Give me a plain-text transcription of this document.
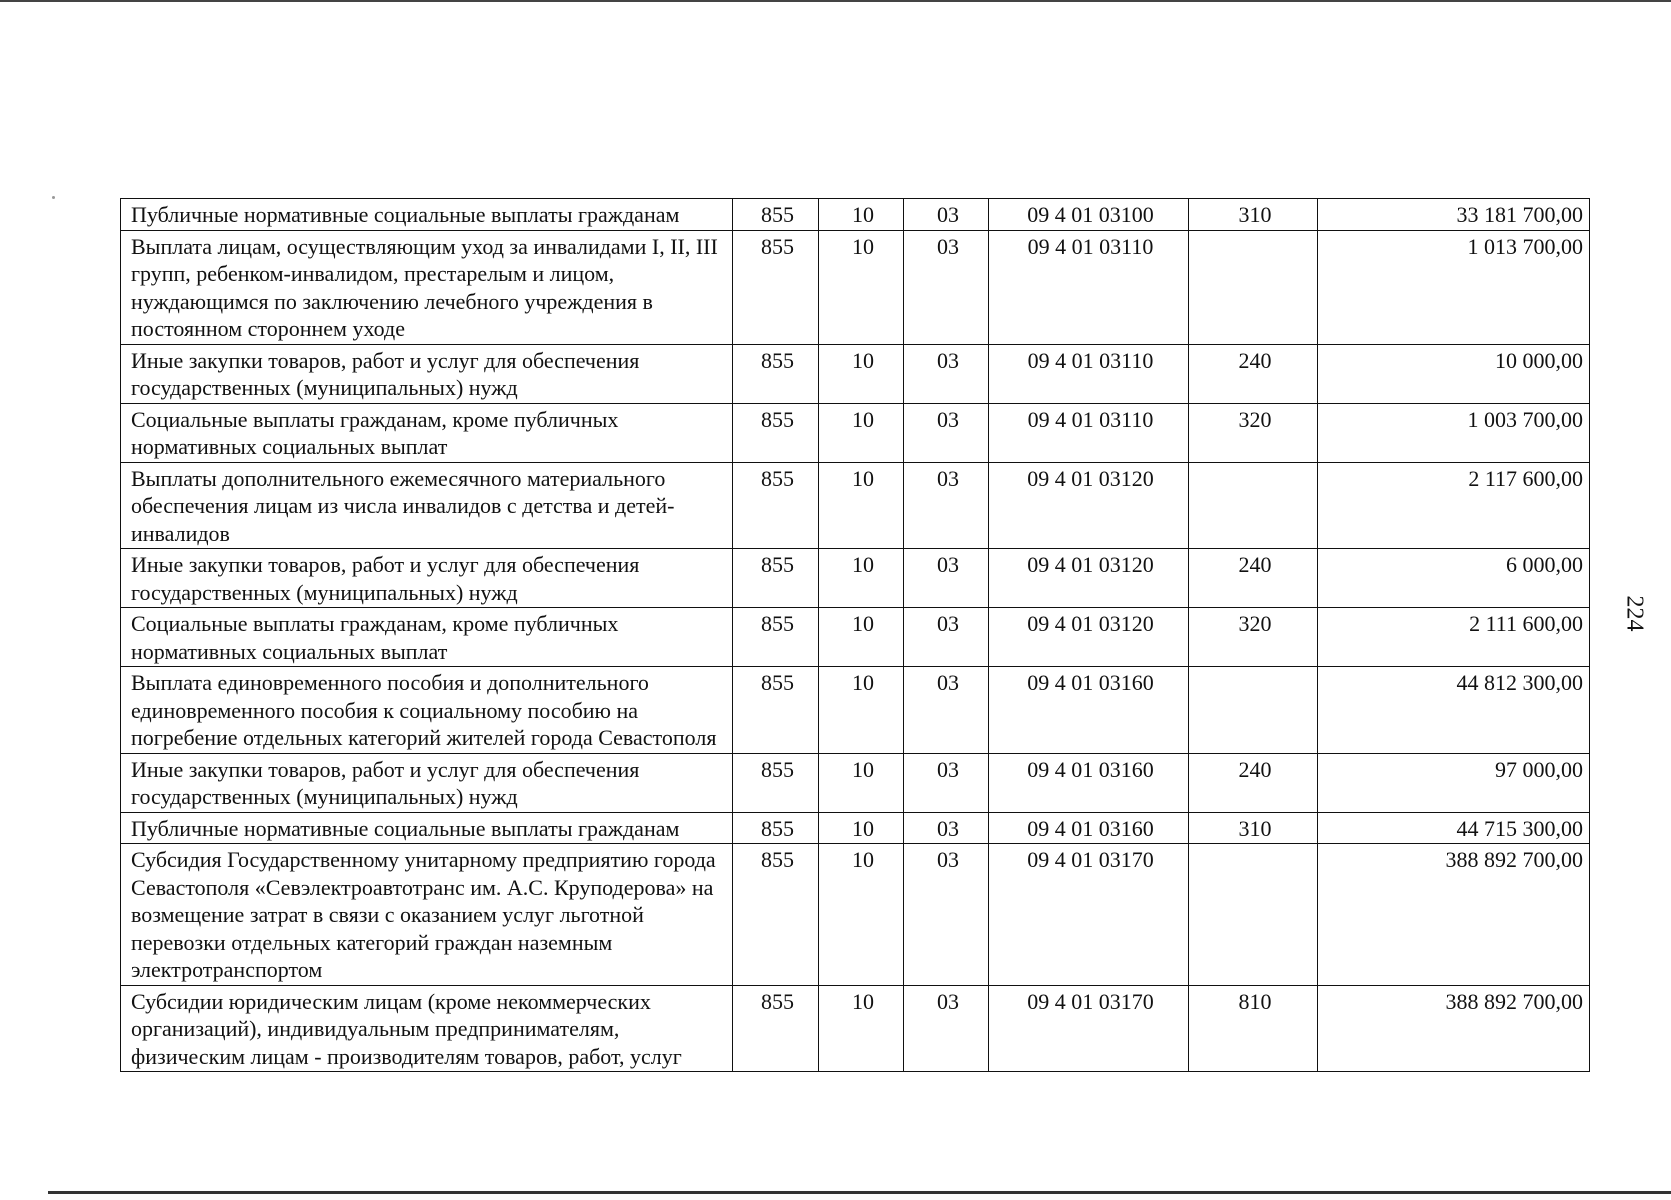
Публичные нормативные социальные выплаты гражданам	855	10	03	09 4 01 03100	310	33 181 700,00
Выплата лицам, осуществляющим уход за инвалидами I, II, III групп, ребенком-инвалидом, престарелым и лицом, нуждающимся по заключению лечебного учреждения в постоянном стороннем уходе	855	10	03	09 4 01 03110		1 013 700,00
Иные закупки товаров, работ и услуг для обеспечения государственных (муниципальных) нужд	855	10	03	09 4 01 03110	240	10 000,00
Социальные выплаты гражданам, кроме публичных нормативных социальных выплат	855	10	03	09 4 01 03110	320	1 003 700,00
Выплаты дополнительного ежемесячного материального обеспечения лицам из числа инвалидов с детства и детей-инвалидов	855	10	03	09 4 01 03120		2 117 600,00
Иные закупки товаров, работ и услуг для обеспечения государственных (муниципальных) нужд	855	10	03	09 4 01 03120	240	6 000,00
Социальные выплаты гражданам, кроме публичных нормативных социальных выплат	855	10	03	09 4 01 03120	320	2 111 600,00
Выплата единовременного пособия и дополнительного единовременного пособия к социальному пособию на погребение отдельных категорий жителей города Севастополя	855	10	03	09 4 01 03160		44 812 300,00
Иные закупки товаров, работ и услуг для обеспечения государственных (муниципальных) нужд	855	10	03	09 4 01 03160	240	97 000,00
Публичные нормативные социальные выплаты гражданам	855	10	03	09 4 01 03160	310	44 715 300,00
Субсидия Государственному унитарному предприятию города Севастополя «Севэлектроавтотранс им. А.С. Круподерова» на возмещение затрат в связи с оказанием услуг льготной перевозки отдельных категорий граждан наземным электротранспортом	855	10	03	09 4 01 03170		388 892 700,00
Субсидии юридическим лицам (кроме некоммерческих организаций), индивидуальным предпринимателям, физическим лицам - производителям товаров, работ, услуг	855	10	03	09 4 01 03170	810	388 892 700,00
224
